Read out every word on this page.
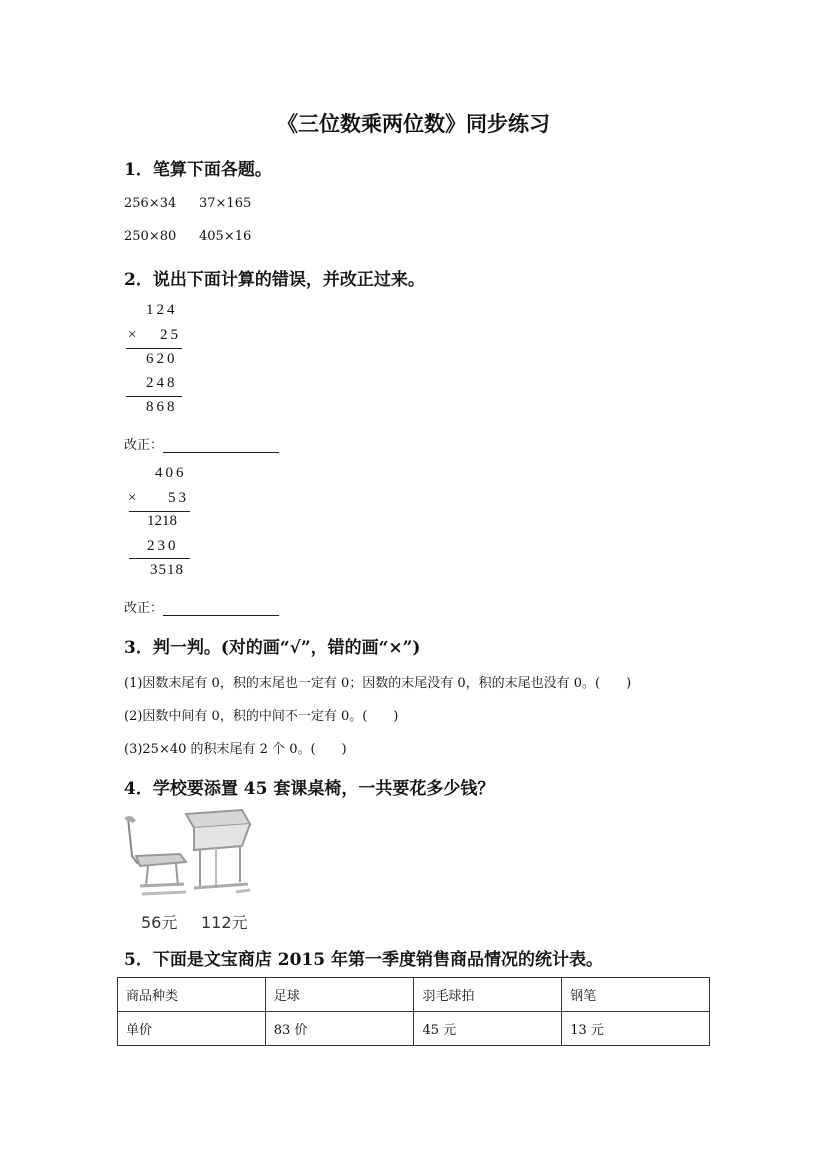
《三位数乘两位数》同步练习
1．笔算下面各题。
256×34 37×165
250×80 405×16
2．说出下面计算的错误，并改正过来。
124
× 25
620
248
868
改正：
406
× 53
1218
230
3518
改正：
3．判一判。(对的画“√”，错的画“×”)
(1)因数末尾有 0，积的末尾也一定有 0；因数的末尾没有 0，积的末尾也没有 0。(　　)
(2)因数中间有 0，积的中间不一定有 0。(　　)
(3)25×40 的积末尾有 2 个 0。(　　)
4．学校要添置 45 套课桌椅，一共要花多少钱？
56元 112元
5．下面是文宝商店 2015 年第一季度销售商品情况的统计表。
商品种类	足球	羽毛球拍	钢笔
单价	83 价	45 元	13 元
